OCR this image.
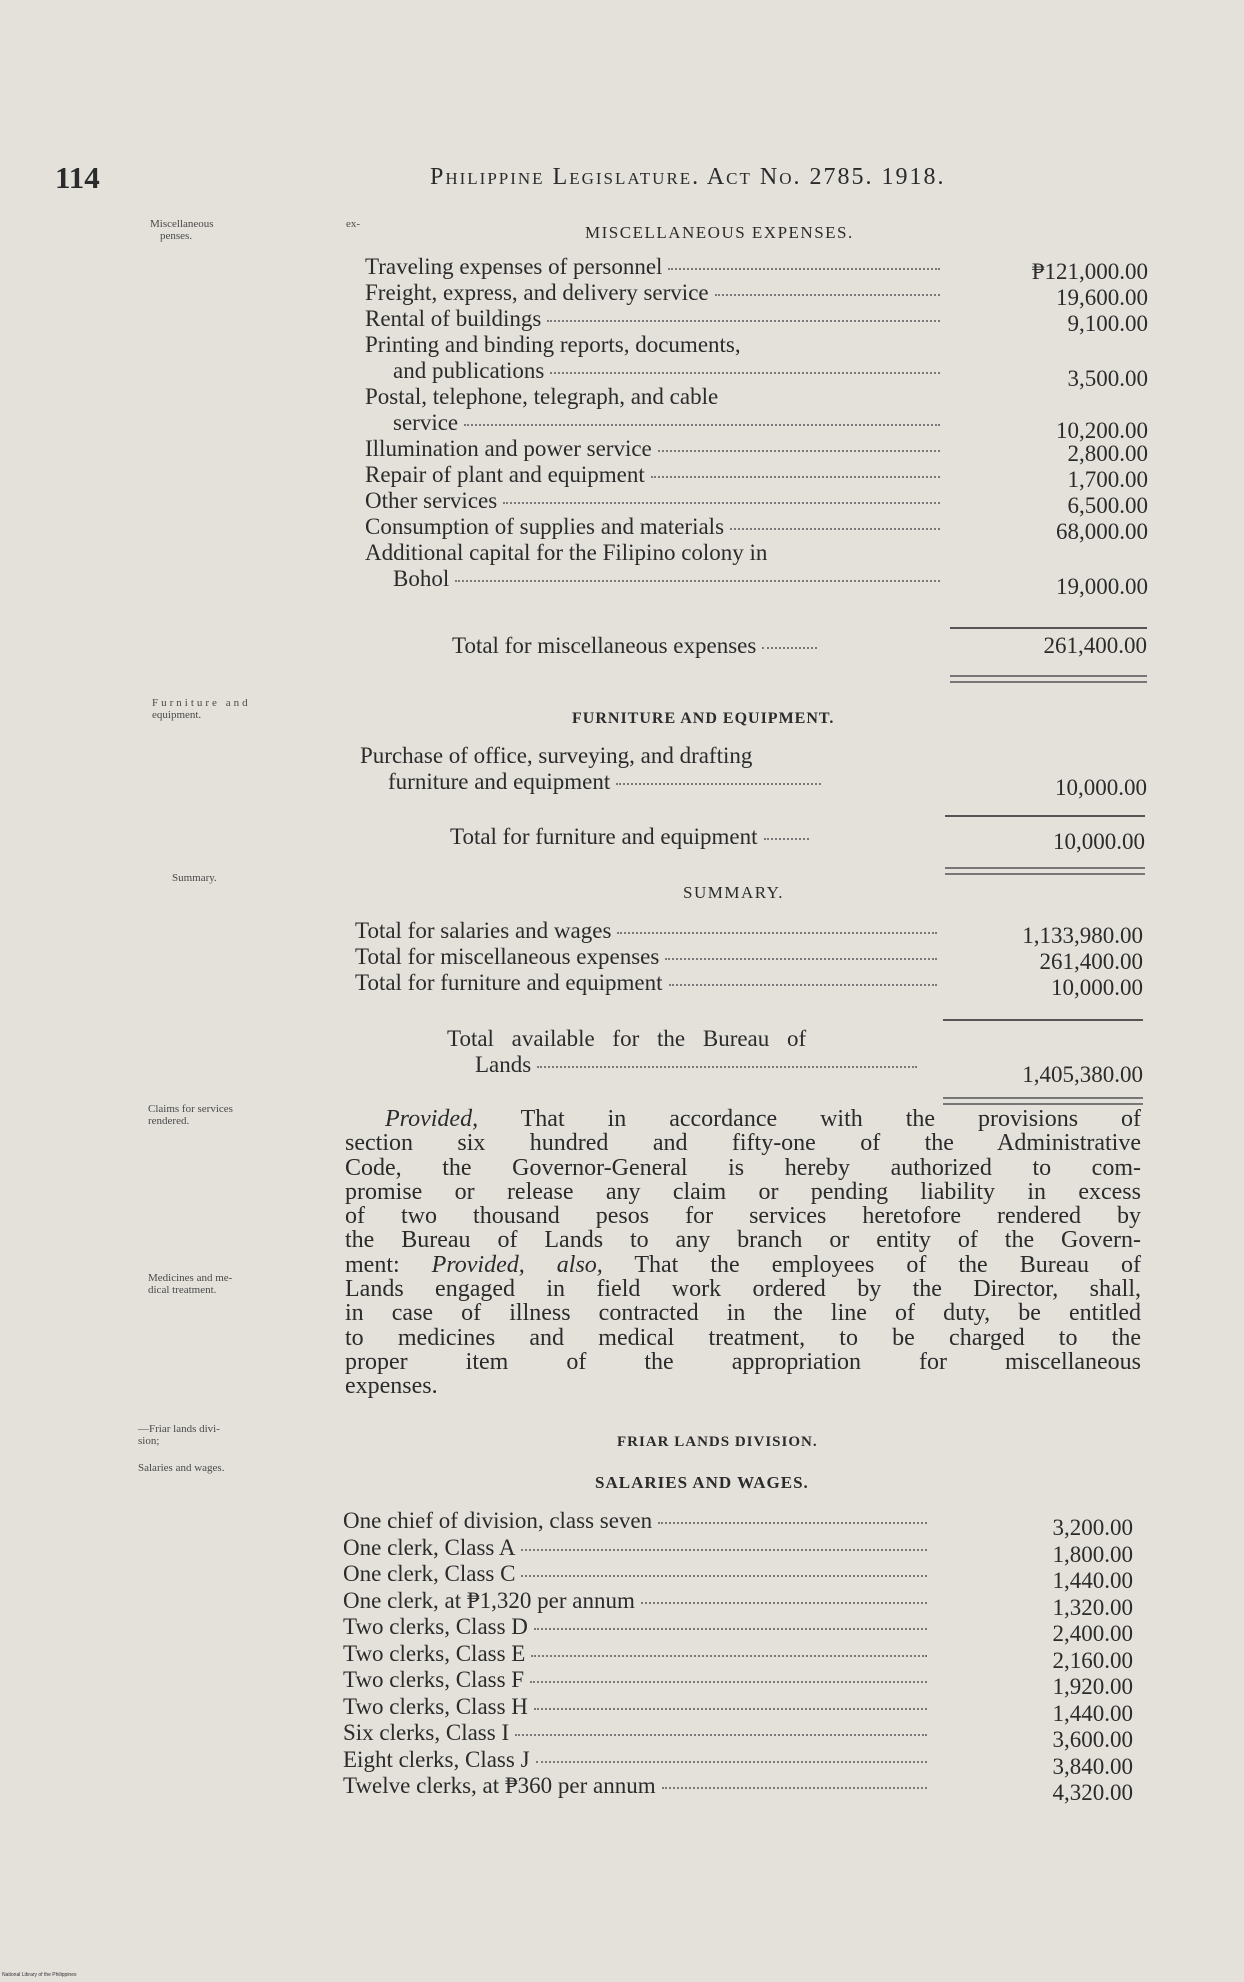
114	Philippine Legislature. Act No. 2785. 1918.
Miscellaneous ex-
penses.
Furniture and
equipment.
Summary.
Claims for services
rendered.
Medicines and me-
dical treatment.
—Friar lands divi-
sion;
Salaries and wages.
MISCELLANEOUS EXPENSES.
Traveling expenses of personnel	₱121,000.00
Freight, express, and delivery service	19,600.00
Rental of buildings	9,100.00
Printing and binding reports, documents,
and publications	3,500.00
Postal, telephone, telegraph, and cable
service	10,200.00
Illumination and power service	2,800.00
Repair of plant and equipment	1,700.00
Other services	6,500.00
Consumption of supplies and materials	68,000.00
Additional capital for the Filipino colony in
Bohol	19,000.00
Total for miscellaneous expenses	261,400.00
FURNITURE AND EQUIPMENT.
Purchase of office, surveying, and drafting
furniture and equipment	10,000.00
Total for furniture and equipment	10,000.00
SUMMARY.
Total for salaries and wages	1,133,980.00
Total for miscellaneous expenses	261,400.00
Total for furniture and equipment	10,000.00
Total available for the Bureau of
Lands	1,405,380.00
Provided, That in accordance with the provisions of
section six hundred and fifty-one of the Administrative
Code, the Governor-General is hereby authorized to com-
promise or release any claim or pending liability in excess
of two thousand pesos for services heretofore rendered by
the Bureau of Lands to any branch or entity of the Govern-
ment: Provided, also, That the employees of the Bureau of
Lands engaged in field work ordered by the Director, shall,
in case of illness contracted in the line of duty, be entitled
to medicines and medical treatment, to be charged to the
proper item of the appropriation for miscellaneous
expenses.
FRIAR LANDS DIVISION.
SALARIES AND WAGES.
One chief of division, class seven	3,200.00
One clerk, Class A	1,800.00
One clerk, Class C	1,440.00
One clerk, at ₱1,320 per annum	1,320.00
Two clerks, Class D	2,400.00
Two clerks, Class E	2,160.00
Two clerks, Class F	1,920.00
Two clerks, Class H	1,440.00
Six clerks, Class I	3,600.00
Eight clerks, Class J	3,840.00
Twelve clerks, at ₱360 per annum	4,320.00
National Library of the Philippines
